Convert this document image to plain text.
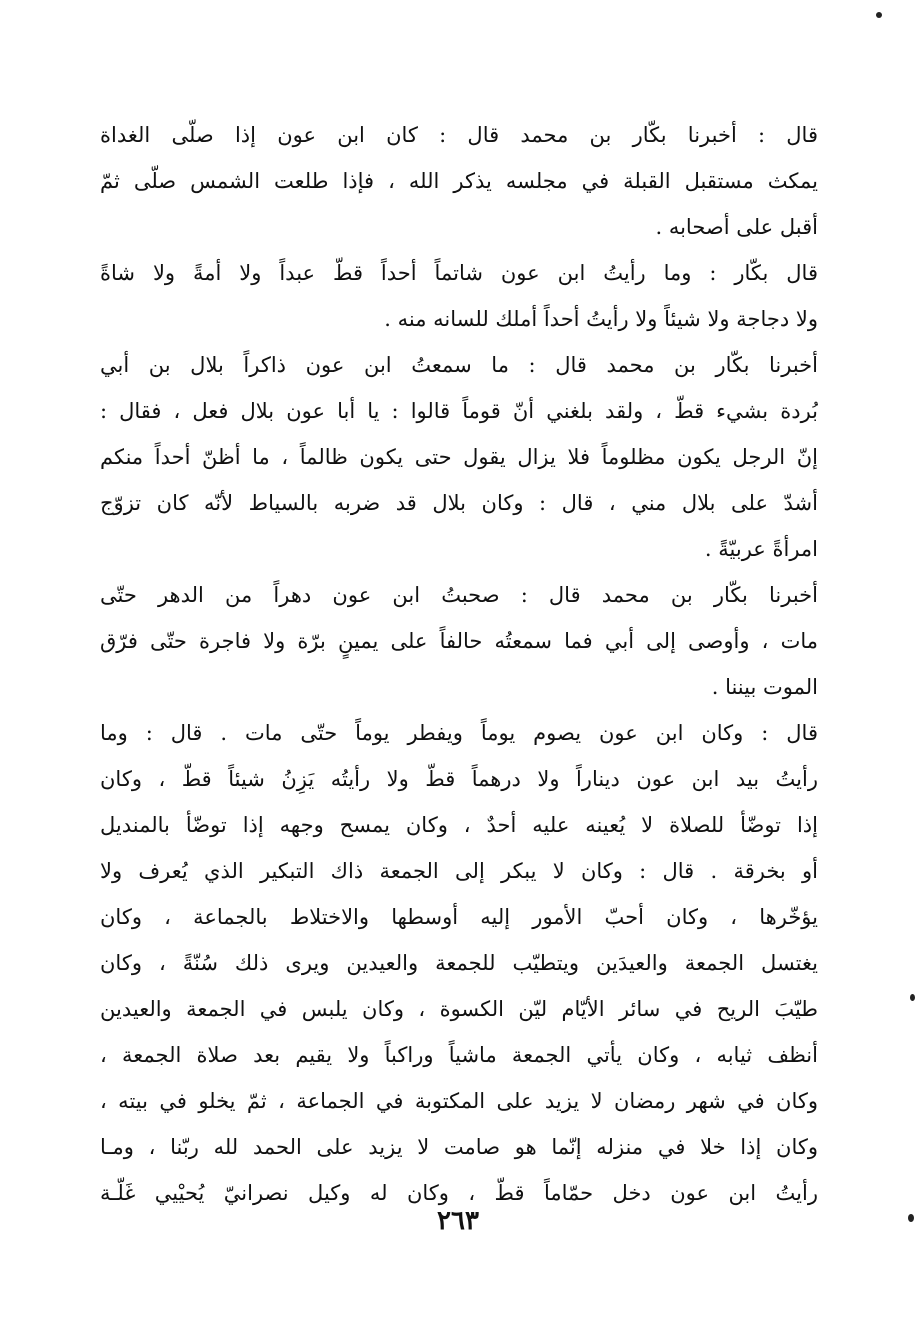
قال : أخبرنا بكّار بن محمد قال : كان ابن عون إذا صلّى الغداة
يمكث مستقبل القبلة في مجلسه يذكر الله ، فإذا طلعت الشمس صلّى ثمّ
أقبل على أصحابه .
قال بكّار : وما رأيتُ ابن عون شاتماً أحداً قطّ عبداً ولا أمةً ولا شاةً
ولا دجاجة ولا شيئاً ولا رأيتُ أحداً أملك للسانه منه .
أخبرنا بكّار بن محمد قال : ما سمعتُ ابن عون ذاكراً بلال بن أبي
بُردة بشيء قطّ ، ولقد بلغني أنّ قوماً قالوا : يا أبا عون بلال فعل ، فقال :
إنّ الرجل يكون مظلوماً فلا يزال يقول حتى يكون ظالماً ، ما أظنّ أحداً منكم
أشدّ على بلال مني ، قال : وكان بلال قد ضربه بالسياط لأنّه كان تزوّج
امرأةً عربيّةً .
أخبرنا بكّار بن محمد قال : صحبتُ ابن عون دهراً من الدهر حتّى
مات ، وأوصى إلى أبي فما سمعتُه حالفاً على يمينٍ برّة ولا فاجرة حتّى فرّق
الموت بيننا .
قال : وكان ابن عون يصوم يوماً ويفطر يوماً حتّى مات . قال : وما
رأيتُ بيد ابن عون ديناراً ولا درهماً قطّ ولا رأيتُه يَزِنُ شيئاً قطّ ، وكان
إذا توضّأ للصلاة لا يُعينه عليه أحدٌ ، وكان يمسح وجهه إذا توضّأ بالمنديل
أو بخرقة . قال : وكان لا يبكر إلى الجمعة ذاك التبكير الذي يُعرف ولا
يؤخّرها ، وكان أحبّ الأمور إليه أوسطها والاختلاط بالجماعة ، وكان
يغتسل الجمعة والعيدَين ويتطيّب للجمعة والعيدين ويرى ذلك سُنّةً ، وكان
طيّبَ الريح في سائر الأيّام ليّن الكسوة ، وكان يلبس في الجمعة والعيدين
أنظف ثيابه ، وكان يأتي الجمعة ماشياً وراكباً ولا يقيم بعد صلاة الجمعة ،
وكان في شهر رمضان لا يزيد على المكتوبة في الجماعة ، ثمّ يخلو في بيته ،
وكان إذا خلا في منزله إنّما هو صامت لا يزيد على الحمد لله ربّنا ، ومـا
رأيتُ ابن عون دخل حمّاماً قطّ ، وكان له وكيل نصرانيّ يُحيْيي غَلّـة
٢٦٣
